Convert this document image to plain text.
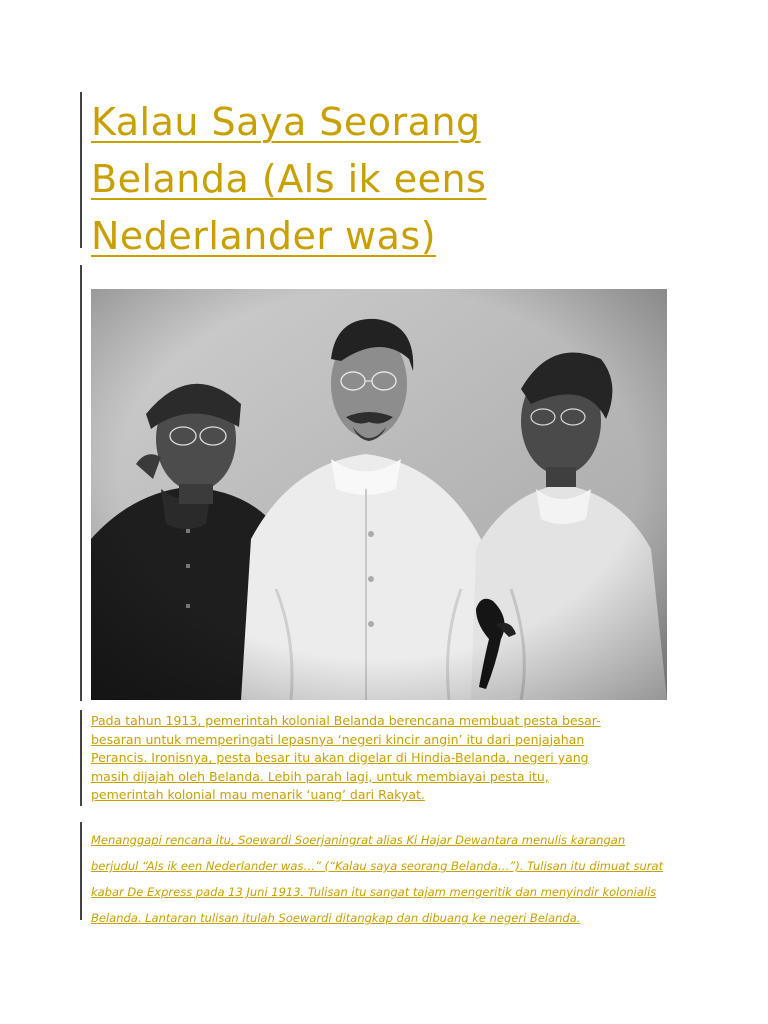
Kalau Saya Seorang
Belanda (Als ik eens
Nederlander was)
Pada tahun 1913, pemerintah kolonial Belanda berencana membuat pesta besar-
besaran untuk memperingati lepasnya ‘negeri kincir angin’ itu dari penjajahan
Perancis. Ironisnya, pesta besar itu akan digelar di Hindia-Belanda, negeri yang
masih dijajah oleh Belanda. Lebih parah lagi, untuk membiayai pesta itu,
pemerintah kolonial mau menarik ‘uang’ dari Rakyat.
Menanggapi rencana itu, Soewardi Soerjaningrat alias Ki Hajar Dewantara menulis karangan
berjudul “Als ik een Nederlander was…” (“Kalau saya seorang Belanda…”). Tulisan itu dimuat surat
kabar De Express pada 13 Juni 1913. Tulisan itu sangat tajam mengeritik dan menyindir kolonialis
Belanda. Lantaran tulisan itulah Soewardi ditangkap dan dibuang ke negeri Belanda.
